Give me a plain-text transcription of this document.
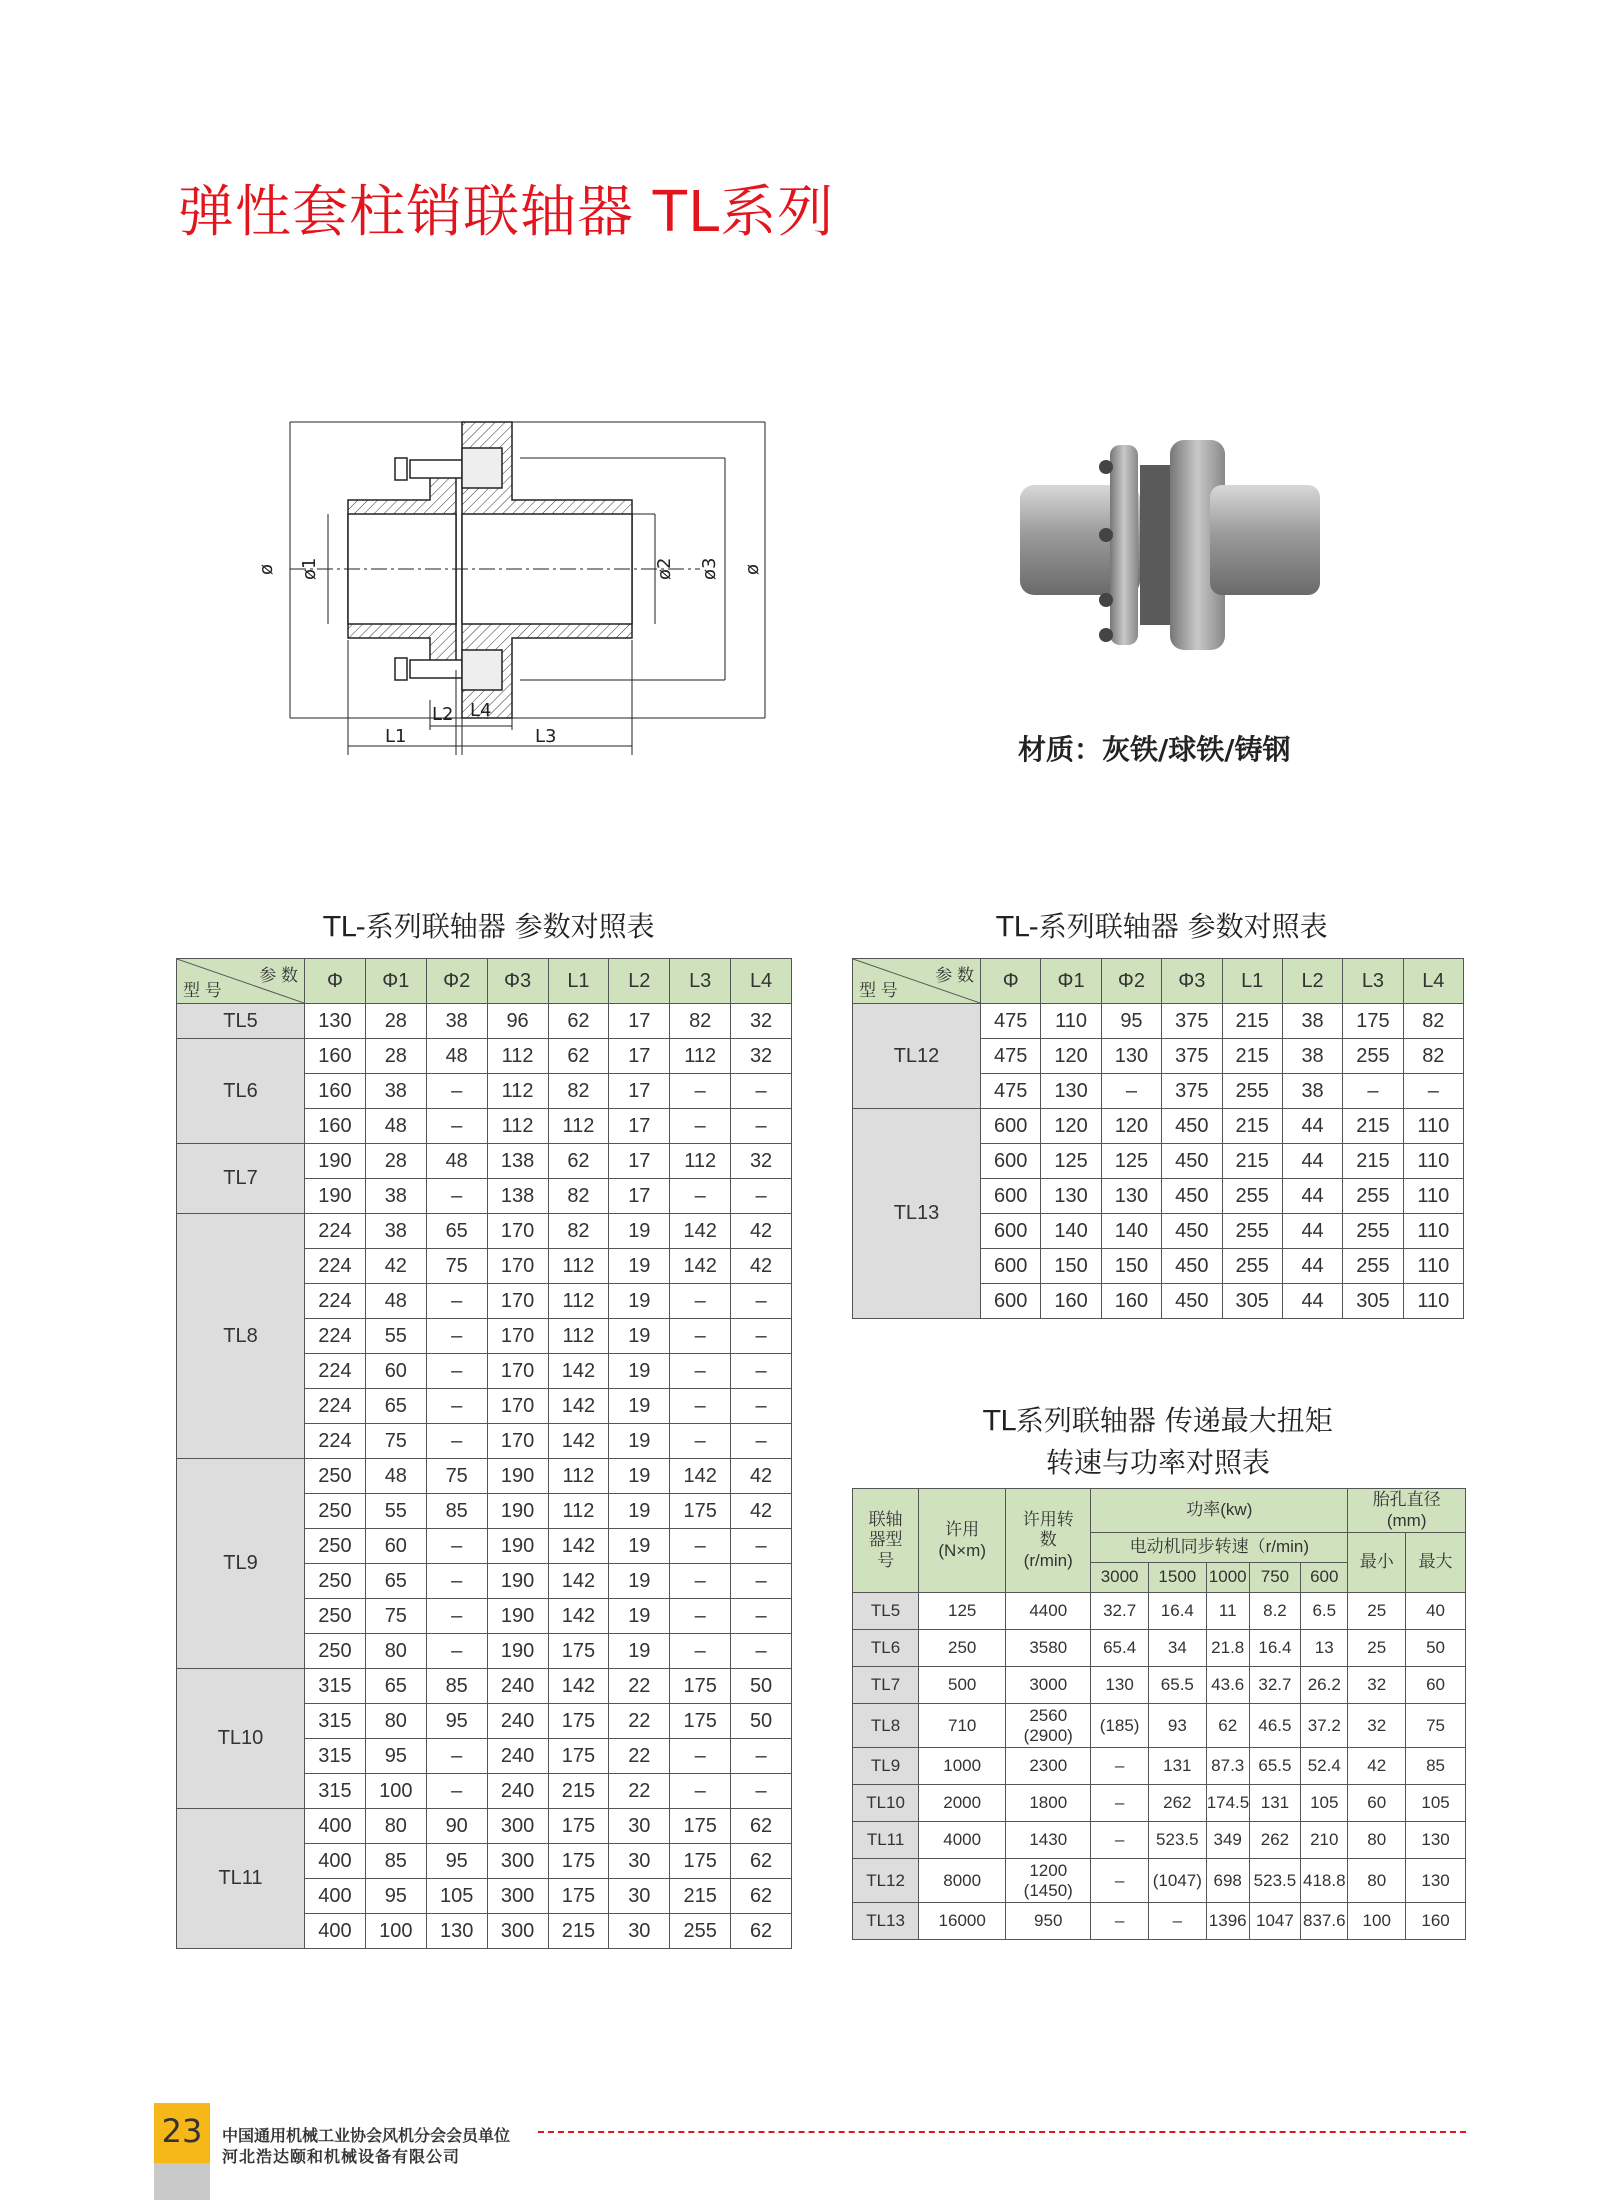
弹性套柱销联轴器 TL系列
ø ø1	ø2 ø3 ø
L1
L2
L3
L4
材质：灰铁/球铁/铸钢
TL-系列联轴器 参数对照表
参 数
型 号	Φ	Φ1	Φ2	Φ3	L1	L2	L3	L4
TL5	130	28	38	96	62	17	82	32
TL6	160	28	48	112	62	17	112	32
	160	38	–	112	82	17	–	–
	160	48	–	112	112	17	–	–
TL7	190	28	48	138	62	17	112	32
	190	38	–	138	82	17	–	–
TL8	224	38	65	170	82	19	142	42
	224	42	75	170	112	19	142	42
	224	48	–	170	112	19	–	–
	224	55	–	170	112	19	–	–
	224	60	–	170	142	19	–	–
	224	65	–	170	142	19	–	–
	224	75	–	170	142	19	–	–
TL9	250	48	75	190	112	19	142	42
	250	55	85	190	112	19	175	42
	250	60	–	190	142	19	–	–
	250	65	–	190	142	19	–	–
	250	75	–	190	142	19	–	–
	250	80	–	190	175	19	–	–
TL10	315	65	85	240	142	22	175	50
	315	80	95	240	175	22	175	50
	315	95	–	240	175	22	–	–
	315	100	–	240	215	22	–	–
TL11	400	80	90	300	175	30	175	62
	400	85	95	300	175	30	175	62
	400	95	105	300	175	30	215	62
	400	100	130	300	215	30	255	62
TL-系列联轴器 参数对照表
参 数
型 号	Φ	Φ1	Φ2	Φ3	L1	L2	L3	L4
TL12	475	110	95	375	215	38	175	82
	475	120	130	375	215	38	255	82
	475	130	–	375	255	38	–	–
TL13	600	120	120	450	215	44	215	110
	600	125	125	450	215	44	215	110
	600	130	130	450	255	44	255	110
	600	140	140	450	255	44	255	110
	600	150	150	450	255	44	255	110
	600	160	160	450	305	44	305	110
TL系列联轴器 传递最大扭矩
转速与功率对照表
联轴器型号	许用(N×m)	许用转数(r/min)	功率(kw)					胎孔直径(mm)	

			电动机同步转速（r/min)					最小	最大
			3000	1500	1000	750	600		
TL5	125	4400	32.7	16.4	11	8.2	6.5	25	40
TL6	250	3580	65.4	34	21.8	16.4	13	25	50
TL7	500	3000	130	65.5	43.6	32.7	26.2	32	60
TL8	710	2560 (2900)	(185)	93	62	46.5	37.2	32	75
TL9	1000	2300	–	131	87.3	65.5	52.4	42	85
TL10	2000	1800	–	262	174.5	131	105	60	105
TL11	4000	1430	–	523.5	349	262	210	80	130
TL12	8000	1200 (1450)	–	(1047)	698	523.5	418.8	80	130
TL13	16000	950	–	–	1396	1047	837.6	100	160
23	中国通用机械工业协会风机分会会员单位
河北浩达颐和机械设备有限公司
